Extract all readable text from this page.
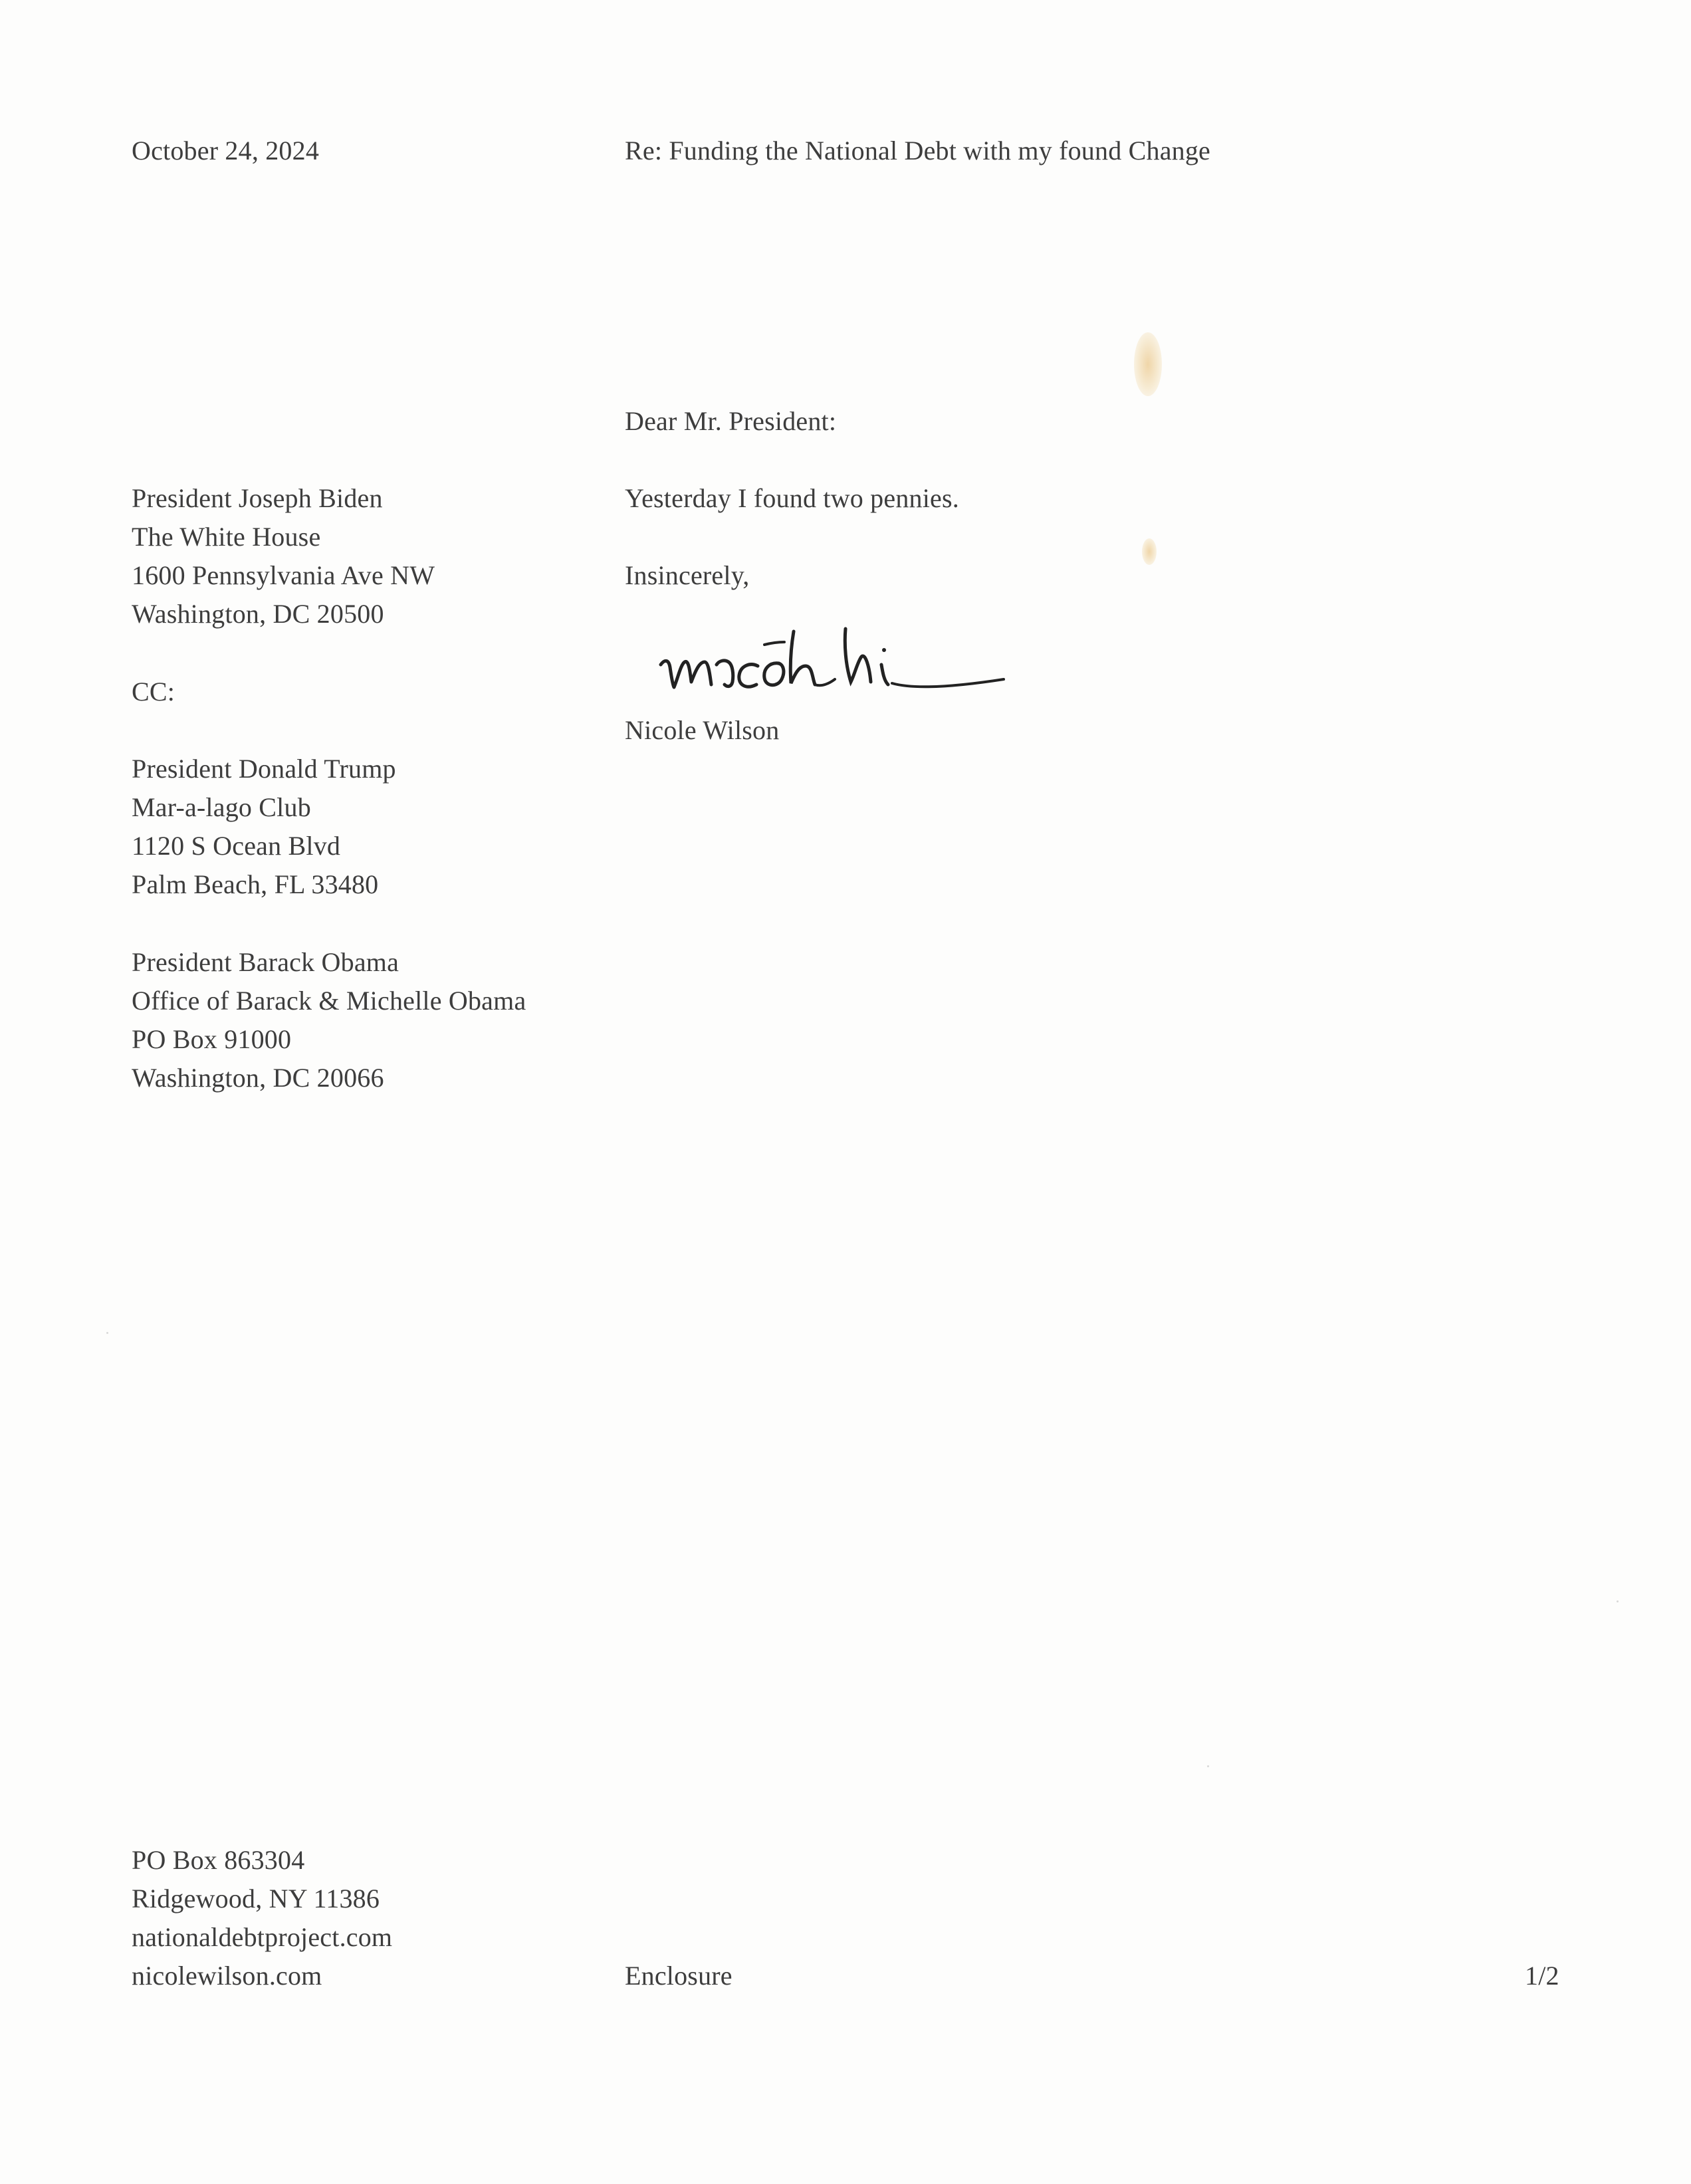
October 24, 2024	Re: Funding the National Debt with my found Change
Dear Mr. President:
Yesterday I found two pennies.
Insincerely,
Nicole Wilson
President Joseph Biden
The White House
1600 Pennsylvania Ave NW
Washington, DC 20500
CC:
President Donald Trump
Mar-a-lago Club
1120 S Ocean Blvd
Palm Beach, FL 33480
President Barack Obama
Office of Barack & Michelle Obama
PO Box 91000
Washington, DC 20066
PO Box 863304
Ridgewood, NY 11386
nationaldebtproject.com
nicolewilson.com	Enclosure	1/2
